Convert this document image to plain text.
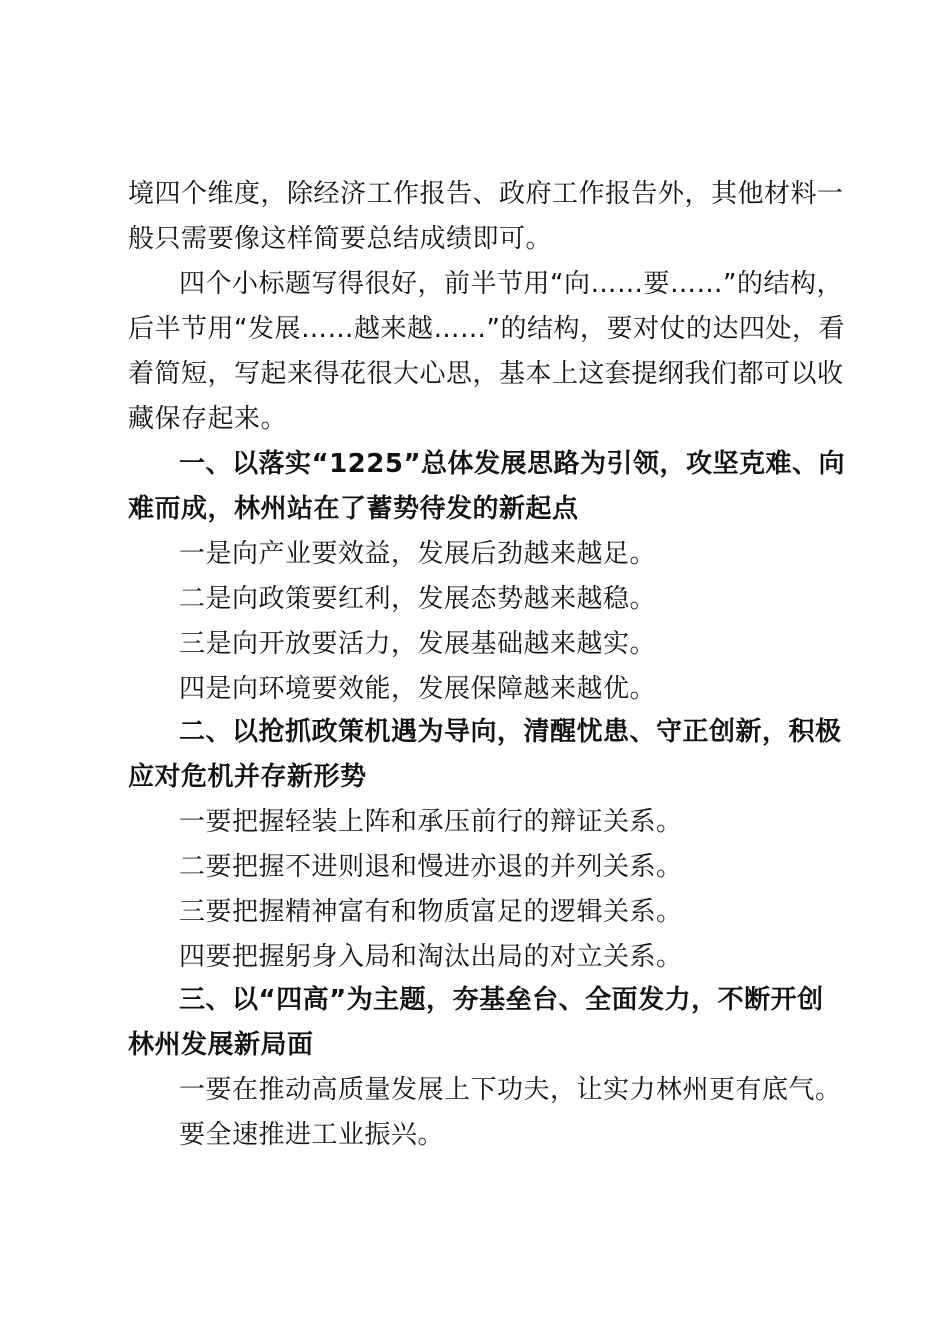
境四个维度，除经济工作报告、政府工作报告外，其他材料一
般只需要像这样简要总结成绩即可。
四个小标题写得很好，前半节用“向……要……”的结构，
后半节用“发展……越来越……”的结构，要对仗的达四处，看
着简短，写起来得花很大心思，基本上这套提纲我们都可以收
藏保存起来。
一、以落实“1225”总体发展思路为引领，攻坚克难、向
难而成，林州站在了蓄势待发的新起点
一是向产业要效益，发展后劲越来越足。
二是向政策要红利，发展态势越来越稳。
三是向开放要活力，发展基础越来越实。
四是向环境要效能，发展保障越来越优。
二、以抢抓政策机遇为导向，清醒忧患、守正创新，积极
应对危机并存新形势
一要把握轻装上阵和承压前行的辩证关系。
二要把握不进则退和慢进亦退的并列关系。
三要把握精神富有和物质富足的逻辑关系。
四要把握躬身入局和淘汰出局的对立关系。
三、以“四高”为主题，夯基垒台、全面发力，不断开创
林州发展新局面
一要在推动高质量发展上下功夫，让实力林州更有底气。
要全速推进工业振兴。
